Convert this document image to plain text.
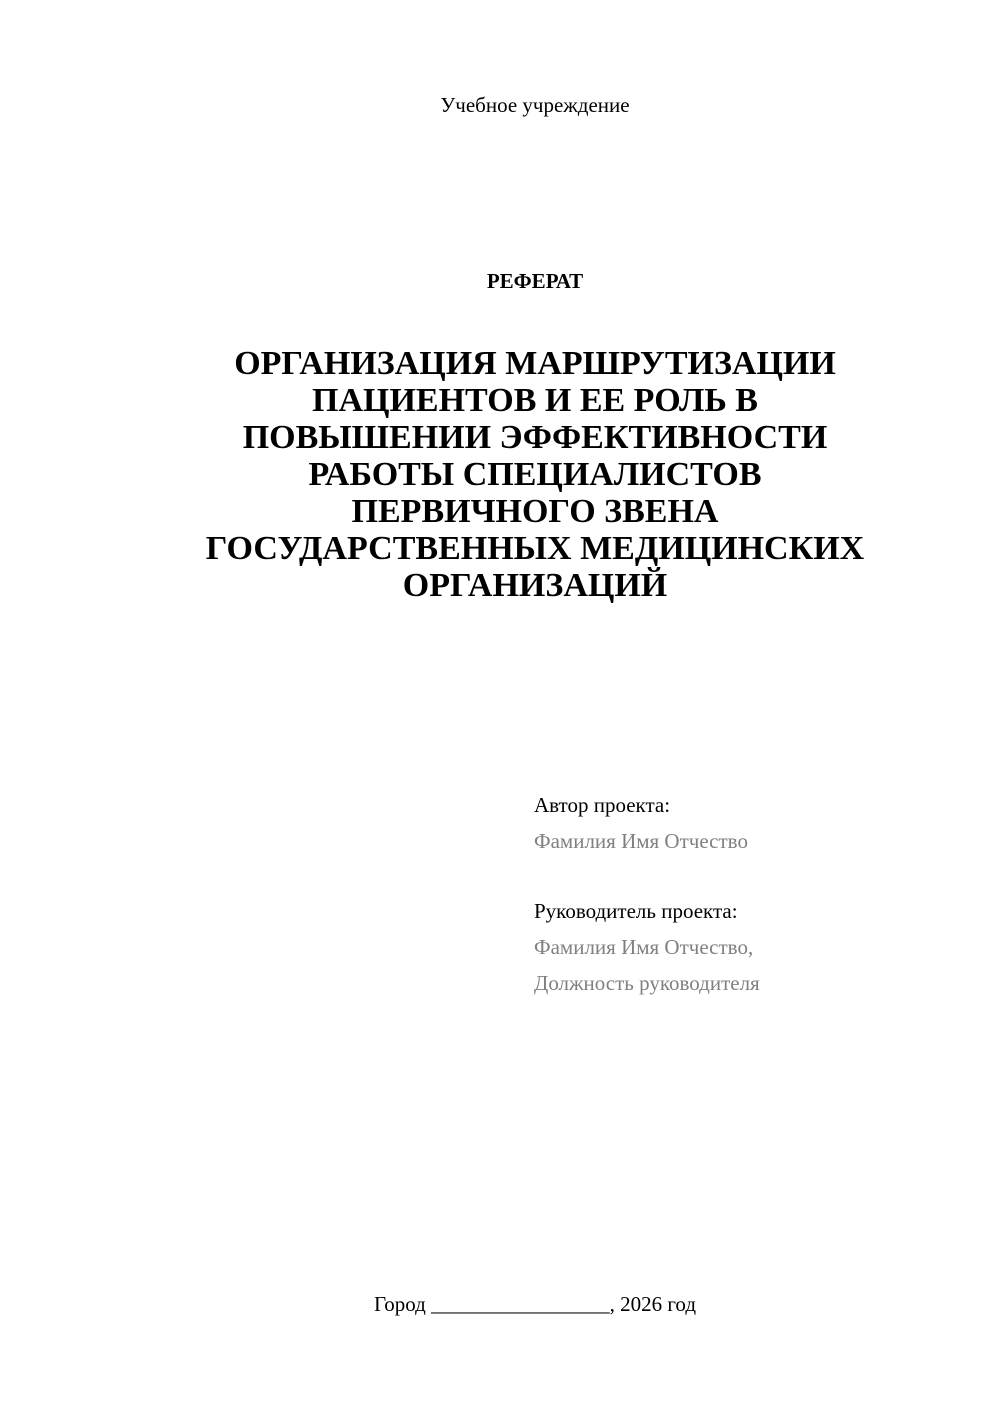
Учебное учреждение
РЕФЕРАТ
ОРГАНИЗАЦИЯ МАРШРУТИЗАЦИИ
ПАЦИЕНТОВ И ЕЕ РОЛЬ В
ПОВЫШЕНИИ ЭФФЕКТИВНОСТИ
РАБОТЫ СПЕЦИАЛИСТОВ
ПЕРВИЧНОГО ЗВЕНА
ГОСУДАРСТВЕННЫХ МЕДИЦИНСКИХ
ОРГАНИЗАЦИЙ
Автор проекта:
Фамилия Имя Отчество
Руководитель проекта:
Фамилия Имя Отчество,
Должность руководителя
Город _________________, 2026 год
